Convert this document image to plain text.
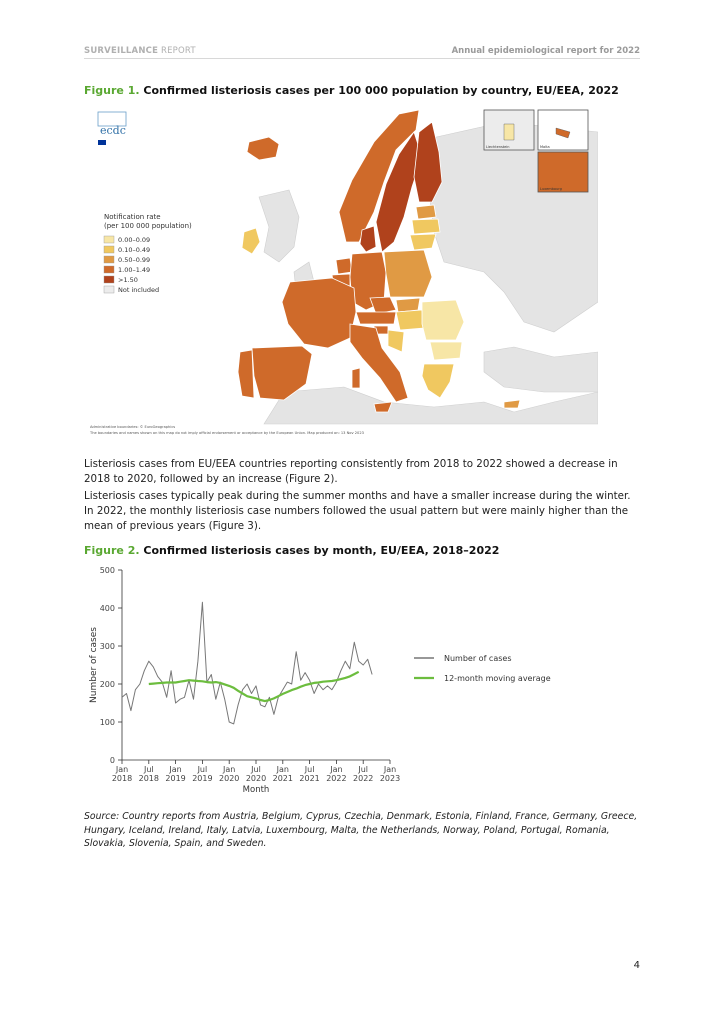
SURVEILLANCE REPORT	Annual epidemiological report for 2022
Figure 1. Confirmed listeriosis cases per 100 000 population by country, EU/EEA, 2022
Liechtenstein	Malta
Luxembourg
ecdc
Notification rate
(per 100 000 population)
0.00–0.09
0.10–0.49
0.50–0.99
1.00–1.49
>1.50
Not included
Administrative boundaries: © EuroGeographics
The boundaries and names shown on this map do not imply official endorsement or acceptance by the European Union. Map produced on: 13 Nov 2023
Listeriosis cases from EU/EEA countries reporting consistently from 2018 to 2022 showed a decrease in 2018 to 2020, followed by an increase (Figure 2).
Listeriosis cases typically peak during the summer months and have a smaller increase during the winter. In 2022, the monthly listeriosis case numbers followed the usual pattern but were mainly higher than the mean of previous years (Figure 3).
Figure 2. Confirmed listeriosis cases by month, EU/EEA, 2018–2022
0
100
200
300
400
500
Jan
2018
Jul
2018
Jan
2019
Jul
2019
Jan
2020
Jul
2020
Jan
2021
Jul
2021
Jan
2022
Jul
2022
Jan
2023
Month
Number of cases	Number of cases
12-month moving average
Source: Country reports from Austria, Belgium, Cyprus, Czechia, Denmark, Estonia, Finland, France, Germany, Greece, Hungary, Iceland, Ireland, Italy, Latvia, Luxembourg, Malta, the Netherlands, Norway, Poland, Portugal, Romania, Slovakia, Slovenia, Spain, and Sweden.
4
